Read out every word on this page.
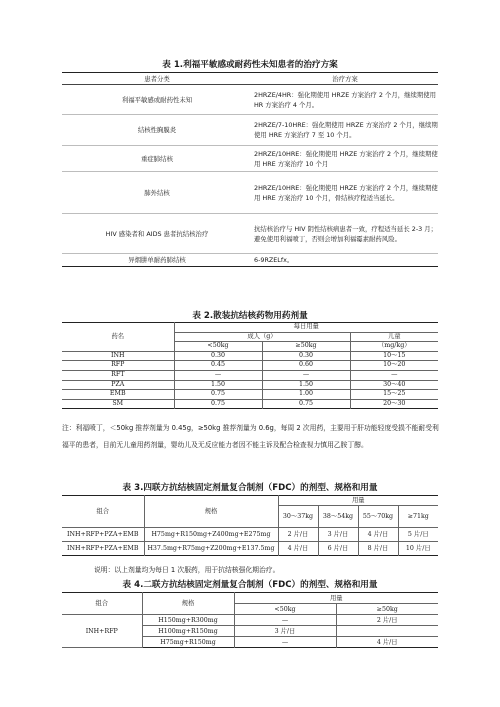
表 1.利福平敏感或耐药性未知患者的治疗方案
患者分类	治疗方案
利福平敏感或耐药性未知	2HRZE/4HR：强化期使用 HRZE 方案治疗 2 个月，继续期使用 HR 方案治疗 4 个月。
结核性胸膜炎	2HRZE/7-10HRE：强化期使用 HRZE 方案治疗 2 个月，继续期使用 HRE 方案治疗 7 至 10 个月。
重症肺结核	2HRZE/10HRE：强化期使用 HRZE 方案治疗 2 个月，继续期使用 HRE 方案治疗 10 个月
肺外结核	2HRZE/10HRE：强化期使用 HRZE 方案治疗 2 个月，继续期使用 HRE 方案治疗 10 个月，骨结核疗程适当延长。
HIV 感染者和 AIDS 患者抗结核治疗	抗结核治疗与 HIV 阴性结核病患者一致，疗程适当延长 2-3 月；避免使用利福喷丁，否则会增加利福霉素耐药风险。
异烟肼单耐药肺结核	6-9RZELfx。
表 2.散装抗结核药物用药剂量
药名	每日用量		
	成人（g）		儿童
	<50kg	≥50kg	（mg/kg）
INH	0.30	0.30	10～15
RFP	0.45	0.60	10～20
RFT	—	—	—
PZA	1.50	1.50	30～40
EMB	0.75	1.00	15～25
SM	0.75	0.75	20～30
注：利福喷丁，＜50kg 推荐剂量为 0.45g，≥50kg 推荐剂量为 0.6g，每周 2 次用药，主要用于肝功能轻度受损不能耐受利福平的患者，目前无儿童用药剂量，婴幼儿及无反应能力者因不能主诉及配合检查视力慎用乙胺丁醇。
表 3.四联方抗结核固定剂量复合制剂（FDC）的剂型、规格和用量
组合	规格	用量			
		30～37kg	38～54kg	55～70kg	≥71kg
INH+RFP+PZA+EMB	H75mg+R150mg+Z400mg+E275mg	2 片/日	3 片/日	4 片/日	5 片/日
INH+RFP+PZA+EMB	H37.5mg+R75mg+Z200mg+E137.5mg	4 片/日	6 片/日	8 片/日	10 片/日
说明：以上剂量均为每日 1 次服药，用于抗结核强化期治疗。
表 4.二联方抗结核固定剂量复合制剂（FDC）的剂型、规格和用量
组合	规格	用量	
		<50kg	≥50kg
INH+RFP	H150mg+R300mg	—	2 片/日
	H100mg+R150mg	3 片/日	
	H75mg+R150mg	—	4 片/日
